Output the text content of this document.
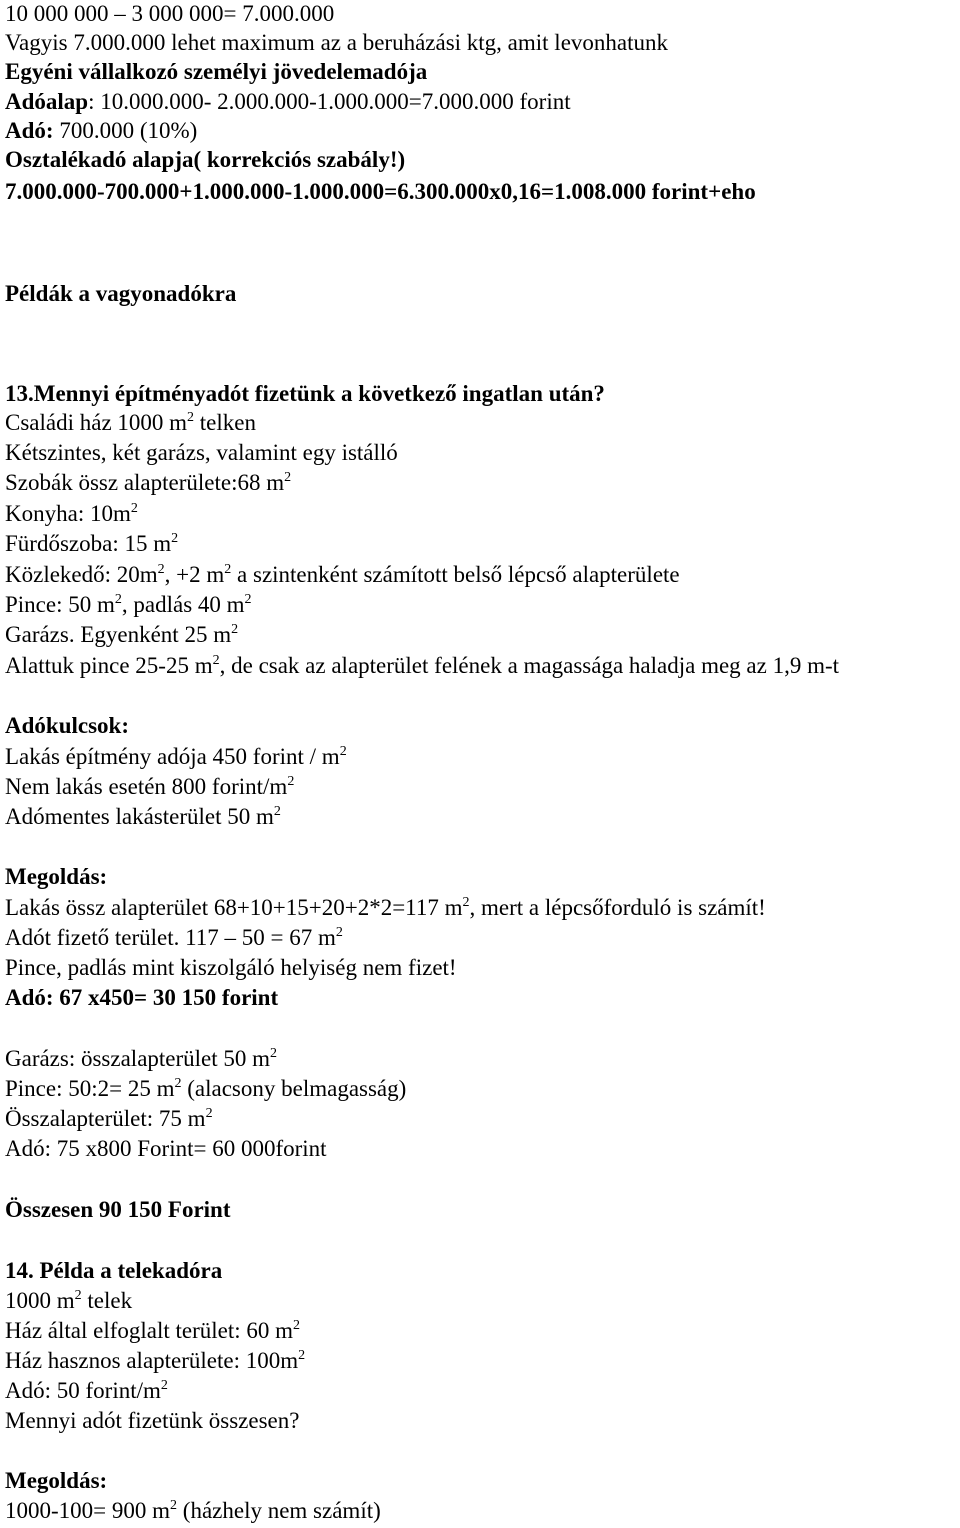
10 000 000 – 3 000 000= 7.000.000
Vagyis 7.000.000 lehet maximum az a beruházási ktg, amit levonhatunk
Egyéni vállalkozó személyi jövedelemadója
Adóalap: 10.000.000- 2.000.000-1.000.000=7.000.000 forint
Adó: 700.000 (10%)
Osztalékadó alapja( korrekciós szabály!)
7.000.000-700.000+1.000.000-1.000.000=6.300.000x0,16=1.008.000 forint+eho
Példák a vagyonadókra
13.Mennyi építményadót fizetünk a következő ingatlan után?
Családi ház 1000 $m^2$ telken
Kétszintes, két garázs, valamint egy istálló
Szobák össz alapterülete:68 $m^2$
Konyha: $10m^2$
Fürdőszoba: 15 $m^2$
Közlekedő: $20m^2$, +2 $m^2$ a szintenként számított belső lépcső alapterülete
Pince: 50 $m^2$, padlás 40 $m^2$
Garázs. Egyenként 25 $m^2$
Alattuk pince 25-25 $m^2$, de csak az alapterület felének a magassága haladja meg az 1,9 m-t
Adókulcsok:
Lakás építmény adója 450 forint / $m^2$
Nem lakás esetén 800 forint/$m^2$
Adómentes lakásterület 50 $m^2$
Megoldás:
Lakás össz alapterület 68+10+15+20+2*2=117 $m^2$, mert a lépcsőforduló is számít!
Adót fizető terület. 117 – 50 = 67 $m^2$
Pince, padlás mint kiszolgáló helyiség nem fizet!
Adó: 67 x450= 30 150 forint
Garázs: összalapterület 50 $m^2$
Pince: 50:2= 25 $m^2$ (alacsony belmagasság)
Összalapterület: 75 $m^2$
Adó: 75 x800 Forint= 60 000forint
Összesen 90 150 Forint
14. Példa a telekadóra
1000 $m^2$ telek
Ház által elfoglalt terület: 60 $m^2$
Ház hasznos alapterülete: $100m^2$
Adó: 50 forint/$m^2$
Mennyi adót fizetünk összesen?
Megoldás:
1000-100= 900 $m^2$ (házhely nem számít)
